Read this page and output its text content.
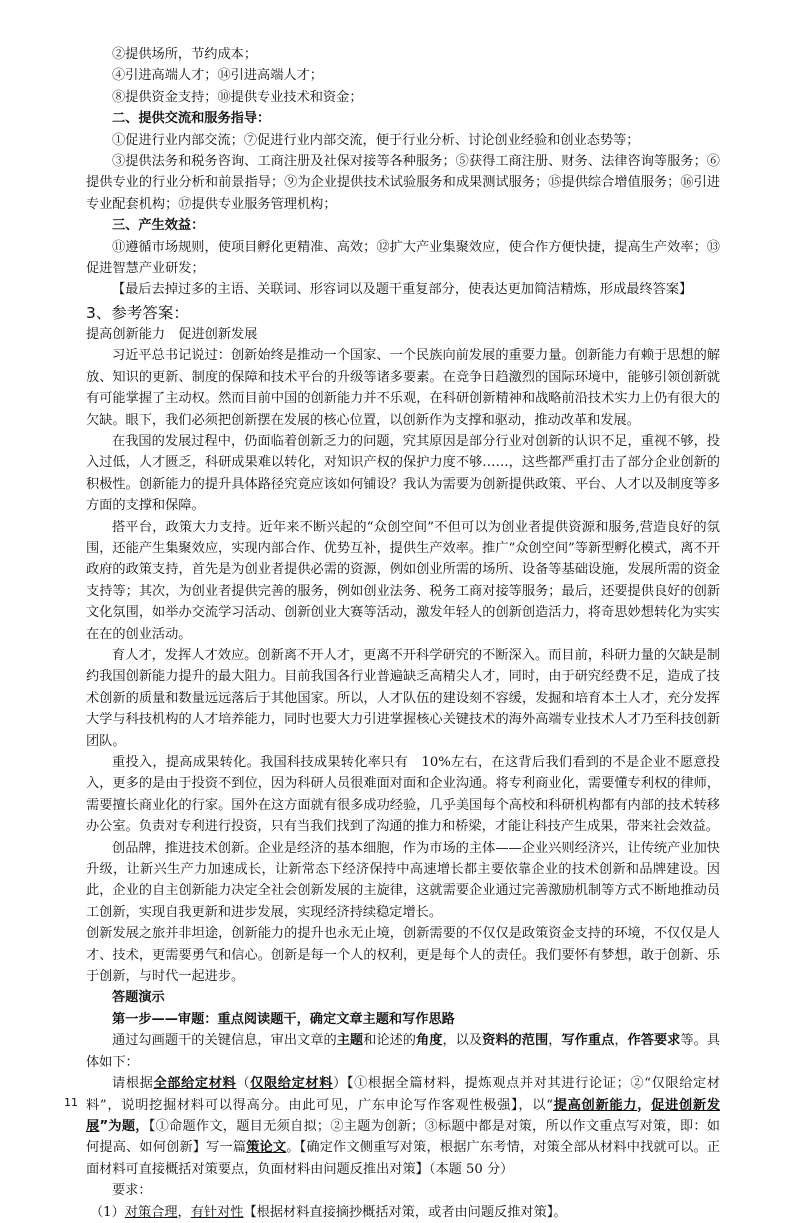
②提供场所，节约成本；
④引进高端人才；⑭引进高端人才；
⑧提供资金支持；⑩提供专业技术和资金；
二、提供交流和服务指导：
①促进行业内部交流；⑦促进行业内部交流，便于行业分析、讨论创业经验和创业态势等；

③提供法务和税务咨询、工商注册及社保对接等各种服务；⑤获得工商注册、财务、法律咨询等服务；⑥提供专业的行业分析和前景指导；⑨为企业提供技术试验服务和成果测试服务；⑮提供综合增值服务；⑯引进专业配套机构；⑰提供专业服务管理机构；

三、产生效益：

⑪遵循市场规则，使项目孵化更精准、高效；⑫扩大产业集聚效应，使合作方便快捷，提高生产效率；⑬促进智慧产业研发；

【最后去掉过多的主语、关联词、形容词以及题干重复部分，使表达更加简洁精炼，形成最终答案】
3、参考答案：
提高创新能力　促进创新发展

习近平总书记说过：创新始终是推动一个国家、一个民族向前发展的重要力量。创新能力有赖于思想的解放、知识的更新、制度的保障和技术平台的升级等诸多要素。在竞争日趋激烈的国际环境中，能够引领创新就有可能掌握了主动权。然而目前中国的创新能力并不乐观，在科研创新精神和战略前沿技术实力上仍有很大的欠缺。眼下，我们必须把创新摆在发展的核心位置，以创新作为支撑和驱动，推动改革和发展。

在我国的发展过程中，仍面临着创新乏力的问题，究其原因是部分行业对创新的认识不足，重视不够，投入过低，人才匮乏，科研成果难以转化，对知识产权的保护力度不够……，这些都严重打击了部分企业创新的积极性。创新能力的提升具体路径究竟应该如何铺设？我认为需要为创新提供政策、平台、人才以及制度等多方面的支撑和保障。

搭平台，政策大力支持。近年来不断兴起的“众创空间”不但可以为创业者提供资源和服务,营造良好的氛围，还能产生集聚效应，实现内部合作、优势互补，提供生产效率。推广“众创空间”等新型孵化模式，离不开政府的政策支持，首先是为创业者提供必需的资源，例如创业所需的场所、设备等基础设施，发展所需的资金支持等；其次，为创业者提供完善的服务，例如创业法务、税务工商对接等服务；最后，还要提供良好的创新文化氛围，如举办交流学习活动、创新创业大赛等活动，激发年轻人的创新创造活力，将奇思妙想转化为实实在在的创业活动。

育人才，发挥人才效应。创新离不开人才，更离不开科学研究的不断深入。而目前，科研力量的欠缺是制约我国创新能力提升的最大阻力。目前我国各行业普遍缺乏高精尖人才，同时，由于研究经费不足，造成了技术创新的质量和数量远远落后于其他国家。所以，人才队伍的建设刻不容缓，发掘和培育本土人才，充分发挥大学与科技机构的人才培养能力，同时也要大力引进掌握核心关键技术的海外高端专业技术人才乃至科技创新团队。

重投入，提高成果转化。我国科技成果转化率只有　10%左右，在这背后我们看到的不是企业不愿意投入，更多的是由于投资不到位，因为科研人员很难面对面和企业沟通。将专利商业化，需要懂专利权的律师，需要擅长商业化的行家。国外在这方面就有很多成功经验，几乎美国每个高校和科研机构都有内部的技术转移办公室。负责对专利进行投资，只有当我们找到了沟通的推力和桥梁，才能让科技产生成果，带来社会效益。

创品牌，推进技术创新。企业是经济的基本细胞，作为市场的主体——企业兴则经济兴，让传统产业加快升级，让新兴生产力加速成长，让新常态下经济保持中高速增长都主要依靠企业的技术创新和品牌建设。因此，企业的自主创新能力决定全社会创新发展的主旋律，这就需要企业通过完善激励机制等方式不断地推动员工创新，实现自我更新和进步发展，实现经济持续稳定增长。

创新发展之旅并非坦途，创新能力的提升也永无止境，创新需要的不仅仅是政策资金支持的环境，不仅仅是人才、技术，更需要勇气和信心。创新是每一个人的权利，更是每个人的责任。我们要怀有梦想，敢于创新、乐于创新，与时代一起进步。

答题演示
第一步——审题：重点阅读题干，确定文章主题和写作思路

通过勾画题干的关键信息，审出文章的主题和论述的角度，以及资料的范围，写作重点，作答要求等。具体如下：

请根据全部给定材料（仅限给定材料）【①根据全篇材料，提炼观点并对其进行论证；②“仅限给定材料”，说明挖掘材料可以得高分。由此可见，广东申论写作客观性极强】，以“提高创新能力，促进创新发展”为题，【①命题作文，题目无须自拟；②主题为创新；③标题中都是对策，所以作文重点写对策，即：如何提高、如何创新】写一篇策论文。【确定作文侧重写对策，根据广东考情，对策全部从材料中找就可以。正面材料可直接概括对策要点，负面材料由问题反推出对策】（本题 50 分）

要求：
（1）对策合理，有针对性【根据材料直接摘抄概括对策，或者由问题反推对策】。
11
